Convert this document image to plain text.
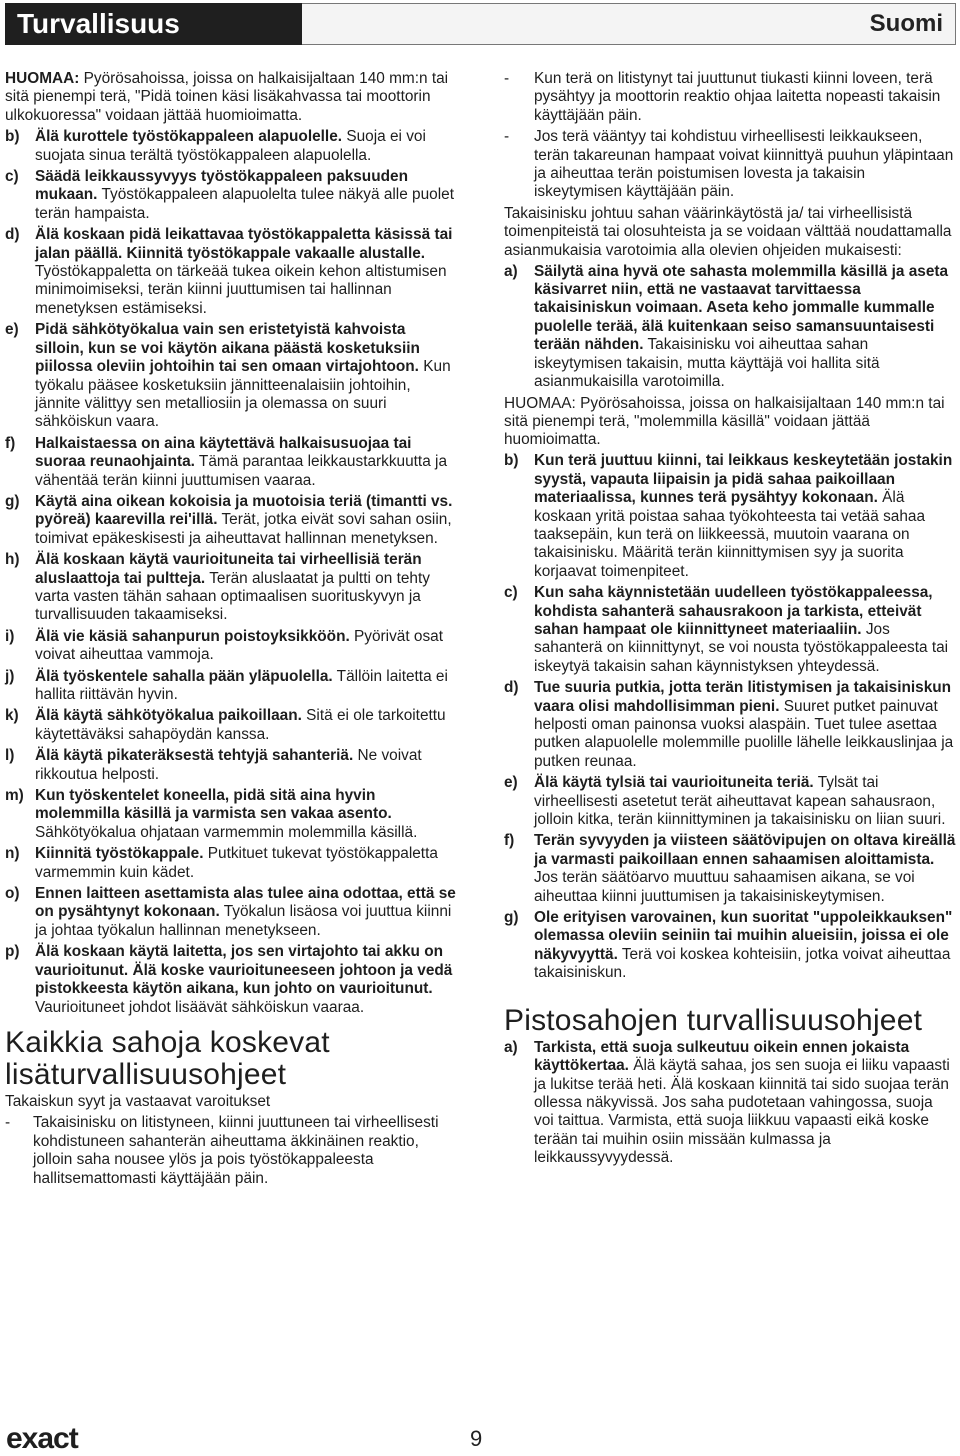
Turvallisuus	Suomi

HUOMAA: Pyörösahoissa, joissa on halkaisijaltaan 140 mm:n tai sitä pienempi terä, "Pidä toinen käsi lisäkahvassa tai moottorin ulkokuoressa" voidaan jättää huomioimatta.

b)	Älä kurottele työstökappaleen alapuolelle. Suoja ei voi suojata sinua terältä työstökappaleen alapuolella.
c)	Säädä leikkaussyvyys työstökappaleen paksuuden mukaan. Työstökappaleen alapuolelta tulee näkyä alle puolet terän hampaista.
d)	Älä koskaan pidä leikattavaa työstökappaletta käsissä tai jalan päällä. Kiinnitä työstökappale vakaalle alustalle. Työstökappaletta on tärkeää tukea oikein kehon altistumisen minimoimiseksi, terän kiinni juuttumisen tai hallinnan menetyksen estämiseksi.
e)	Pidä sähkötyökalua vain sen eristetyistä kahvoista silloin, kun se voi käytön aikana päästä kosketuksiin piilossa oleviin johtoihin tai sen omaan virtajohtoon. Kun työkalu pääsee kosketuksiin jännitteenalaisiin johtoihin, jännite välittyy sen metalliosiin ja olemassa on suuri sähköiskun vaara.
f)	Halkaistaessa on aina käytettävä halkaisusuojaa tai suoraa reunaohjainta. Tämä parantaa leikkaustarkkuutta ja vähentää terän kiinni juuttumisen vaaraa.
g)	Käytä aina oikean kokoisia ja muotoisia teriä (timantti vs. pyöreä) kaarevilla rei'illä. Terät, jotka eivät sovi sahan osiin, toimivat epäkeskisesti ja aiheuttavat hallinnan menetyksen.
h)	Älä koskaan käytä vaurioituneita tai virheellisiä terän aluslaattoja tai pultteja. Terän aluslaatat ja pultti on tehty varta vasten tähän sahaan optimaalisen suorituskyvyn ja turvallisuuden takaamiseksi.
i)	Älä vie käsiä sahanpurun poistoyksikköön. Pyörivät osat voivat aiheuttaa vammoja.
j)	Älä työskentele sahalla pään yläpuolella. Tällöin laitetta ei hallita riittävän hyvin.
k)	Älä käytä sähkötyökalua paikoillaan. Sitä ei ole tarkoitettu käytettäväksi sahapöydän kanssa.
l)	Älä käytä pikateräksestä tehtyjä sahanteriä. Ne voivat rikkoutua helposti.
m) Kun työskentelet koneella, pidä sitä aina hyvin molemmilla käsillä ja varmista sen vakaa asento. Sähkötyökalua ohjataan varmemmin molemmilla käsillä.
n)	Kiinnitä työstökappale. Putkituet tukevat työstökappaletta varmemmin kuin kädet.
o)	Ennen laitteen asettamista alas tulee aina odottaa, että se on pysähtynyt kokonaan. Työkalun lisäosa voi juuttua kiinni ja johtaa työkalun hallinnan menetykseen.
p)	Älä koskaan käytä laitetta, jos sen virtajohto tai akku on vaurioitunut. Älä koske vaurioituneeseen johtoon ja vedä pistokkeesta käytön aikana, kun johto on vaurioitunut. Vaurioituneet johdot lisäävät sähköiskun vaaraa.
Kaikkia sahoja koskevat lisäturvallisuusohjeet

Takaiskun syyt ja vastaavat varoitukset

-	Takaisinisku on litistyneen, kiinni juuttuneen tai virheellisesti kohdistuneen sahanterän aiheuttama äkkinäinen reaktio, jolloin saha nousee ylös ja pois työstökappaleesta hallitsemattomasti käyttäjään päin.
-	Kun terä on litistynyt tai juuttunut tiukasti kiinni loveen, terä pysähtyy ja moottorin reaktio ohjaa laitetta nopeasti takaisin käyttäjään päin.
-	Jos terä vääntyy tai kohdistuu virheellisesti leikkaukseen, terän takareunan hampaat voivat kiinnittyä puuhun yläpintaan ja aiheuttaa terän poistumisen lovesta ja takaisin iskeytymisen käyttäjään päin.

Takaisinisku johtuu sahan väärinkäytöstä ja/ tai virheellisistä toimenpiteistä tai olosuhteista ja se voidaan välttää noudattamalla asianmukaisia varotoimia alla olevien ohjeiden mukaisesti:

a)	Säilytä aina hyvä ote sahasta molemmilla käsillä ja aseta käsivarret niin, että ne vastaavat tarvittaessa takaisiniskun voimaan. Aseta keho jommalle kummalle puolelle terää, älä kuitenkaan seiso samansuuntaisesti terään nähden. Takaisinisku voi aiheuttaa sahan iskeytymisen takaisin, mutta käyttäjä voi hallita sitä asianmukaisilla varotoimilla.

HUOMAA: Pyörösahoissa, joissa on halkaisijaltaan 140 mm:n tai sitä pienempi terä, "molemmilla käsillä" voidaan jättää huomioimatta.

b)	Kun terä juuttuu kiinni, tai leikkaus keskeytetään jostakin syystä, vapauta liipaisin ja pidä sahaa paikoillaan materiaalissa, kunnes terä pysähtyy kokonaan. Älä koskaan yritä poistaa sahaa työkohteesta tai vetää sahaa taaksepäin, kun terä on liikkeessä, muutoin vaarana on takaisinisku. Määritä terän kiinnittymisen syy ja suorita korjaavat toimenpiteet.
c)	Kun saha käynnistetään uudelleen työstökappaleessa, kohdista sahanterä sahausrakoon ja tarkista, etteivät sahan hampaat ole kiinnittyneet materiaaliin. Jos sahanterä on kiinnittynyt, se voi nousta työstökappaleesta tai iskeytyä takaisin sahan käynnistyksen yhteydessä.
d)	Tue suuria putkia, jotta terän litistymisen ja takaisiniskun vaara olisi mahdollisimman pieni. Suuret putket painuvat helposti oman painonsa vuoksi alaspäin. Tuet tulee asettaa putken alapuolelle molemmille puolille lähelle leikkauslinjaa ja putken reunaa.
e)	Älä käytä tylsiä tai vaurioituneita teriä. Tylsät tai virheellisesti asetetut terät aiheuttavat kapean sahausraon, jolloin kitka, terän kiinnittyminen ja takaisinisku on liian suuri.
f)	Terän syvyyden ja viisteen säätövipujen on oltava kireällä ja varmasti paikoillaan ennen sahaamisen aloittamista. Jos terän säätöarvo muuttuu sahaamisen aikana, se voi aiheuttaa kiinni juuttumisen ja takaisiniskeytymisen.
g)	Ole erityisen varovainen, kun suoritat "uppoleikkauksen" olemassa oleviin seiniin tai muihin alueisiin, joissa ei ole näkyvyyttä. Terä voi koskea kohteisiin, jotka voivat aiheuttaa takaisiniskun.
Pistosahojen turvallisuusohjeet
a)	Tarkista, että suoja sulkeutuu oikein ennen jokaista käyttökertaa. Älä käytä sahaa, jos sen suoja ei liiku vapaasti ja lukitse terää heti. Älä koskaan kiinnitä tai sido suojaa terän ollessa näkyvissä. Jos saha pudotetaan vahingossa, suoja voi taittua. Varmista, että suoja liikkuu vapaasti eikä koske terään tai muihin osiin missään kulmassa ja leikkaussyvyydessä.
exact	9
